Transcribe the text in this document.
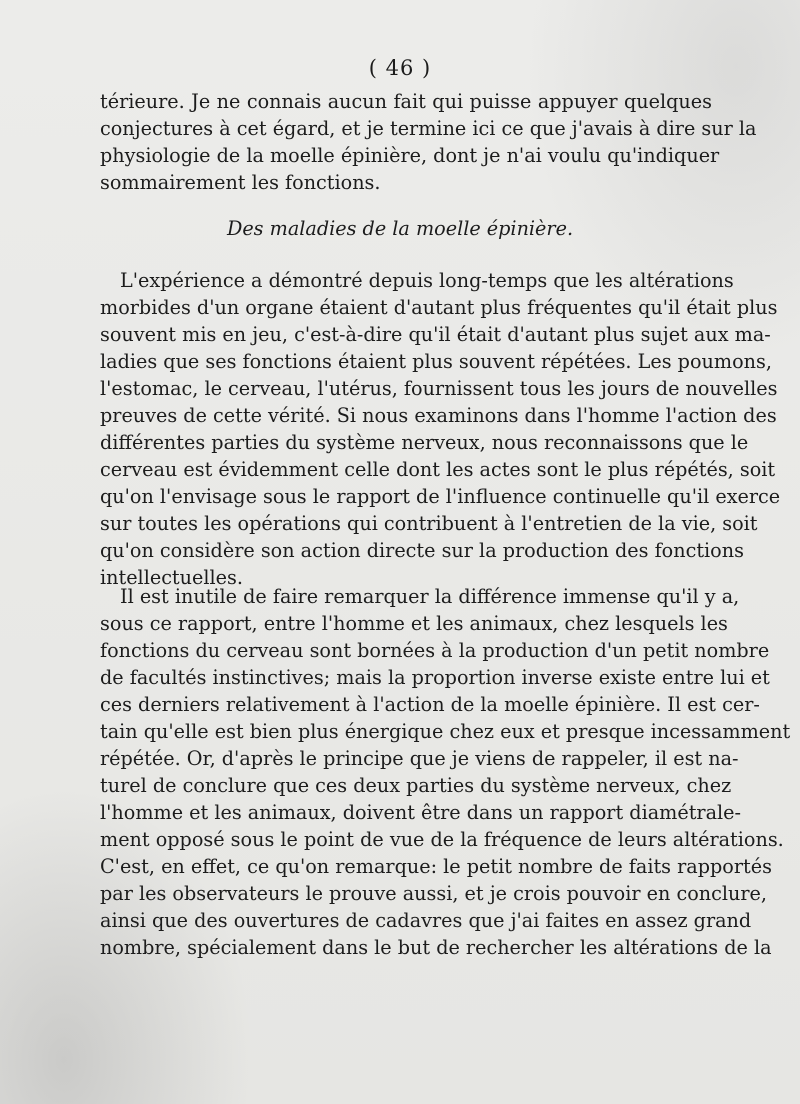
( 46 )
térieure. Je ne connais aucun fait qui puisse appuyer quelques
conjectures à cet égard, et je termine ici ce que j'avais à dire sur la
physiologie de la moelle épinière, dont je n'ai voulu qu'indiquer
sommairement les fonctions.
Des maladies de la moelle épinière.
L'expérience a démontré depuis long-temps que les altérations
morbides d'un organe étaient d'autant plus fréquentes qu'il était plus
souvent mis en jeu, c'est-à-dire qu'il était d'autant plus sujet aux ma-
ladies que ses fonctions étaient plus souvent répétées. Les poumons,
l'estomac, le cerveau, l'utérus, fournissent tous les jours de nouvelles
preuves de cette vérité. Si nous examinons dans l'homme l'action des
différentes parties du système nerveux, nous reconnaissons que le
cerveau est évidemment celle dont les actes sont le plus répétés, soit
qu'on l'envisage sous le rapport de l'influence continuelle qu'il exerce
sur toutes les opérations qui contribuent à l'entretien de la vie, soit
qu'on considère son action directe sur la production des fonctions
intellectuelles.
Il est inutile de faire remarquer la différence immense qu'il y a,
sous ce rapport, entre l'homme et les animaux, chez lesquels les
fonctions du cerveau sont bornées à la production d'un petit nombre
de facultés instinctives; mais la proportion inverse existe entre lui et
ces derniers relativement à l'action de la moelle épinière. Il est cer-
tain qu'elle est bien plus énergique chez eux et presque incessamment
répétée. Or, d'après le principe que je viens de rappeler, il est na-
turel de conclure que ces deux parties du système nerveux, chez
l'homme et les animaux, doivent être dans un rapport diamétrale-
ment opposé sous le point de vue de la fréquence de leurs altérations.
C'est, en effet, ce qu'on remarque: le petit nombre de faits rapportés
par les observateurs le prouve aussi, et je crois pouvoir en conclure,
ainsi que des ouvertures de cadavres que j'ai faites en assez grand
nombre, spécialement dans le but de rechercher les altérations de la
